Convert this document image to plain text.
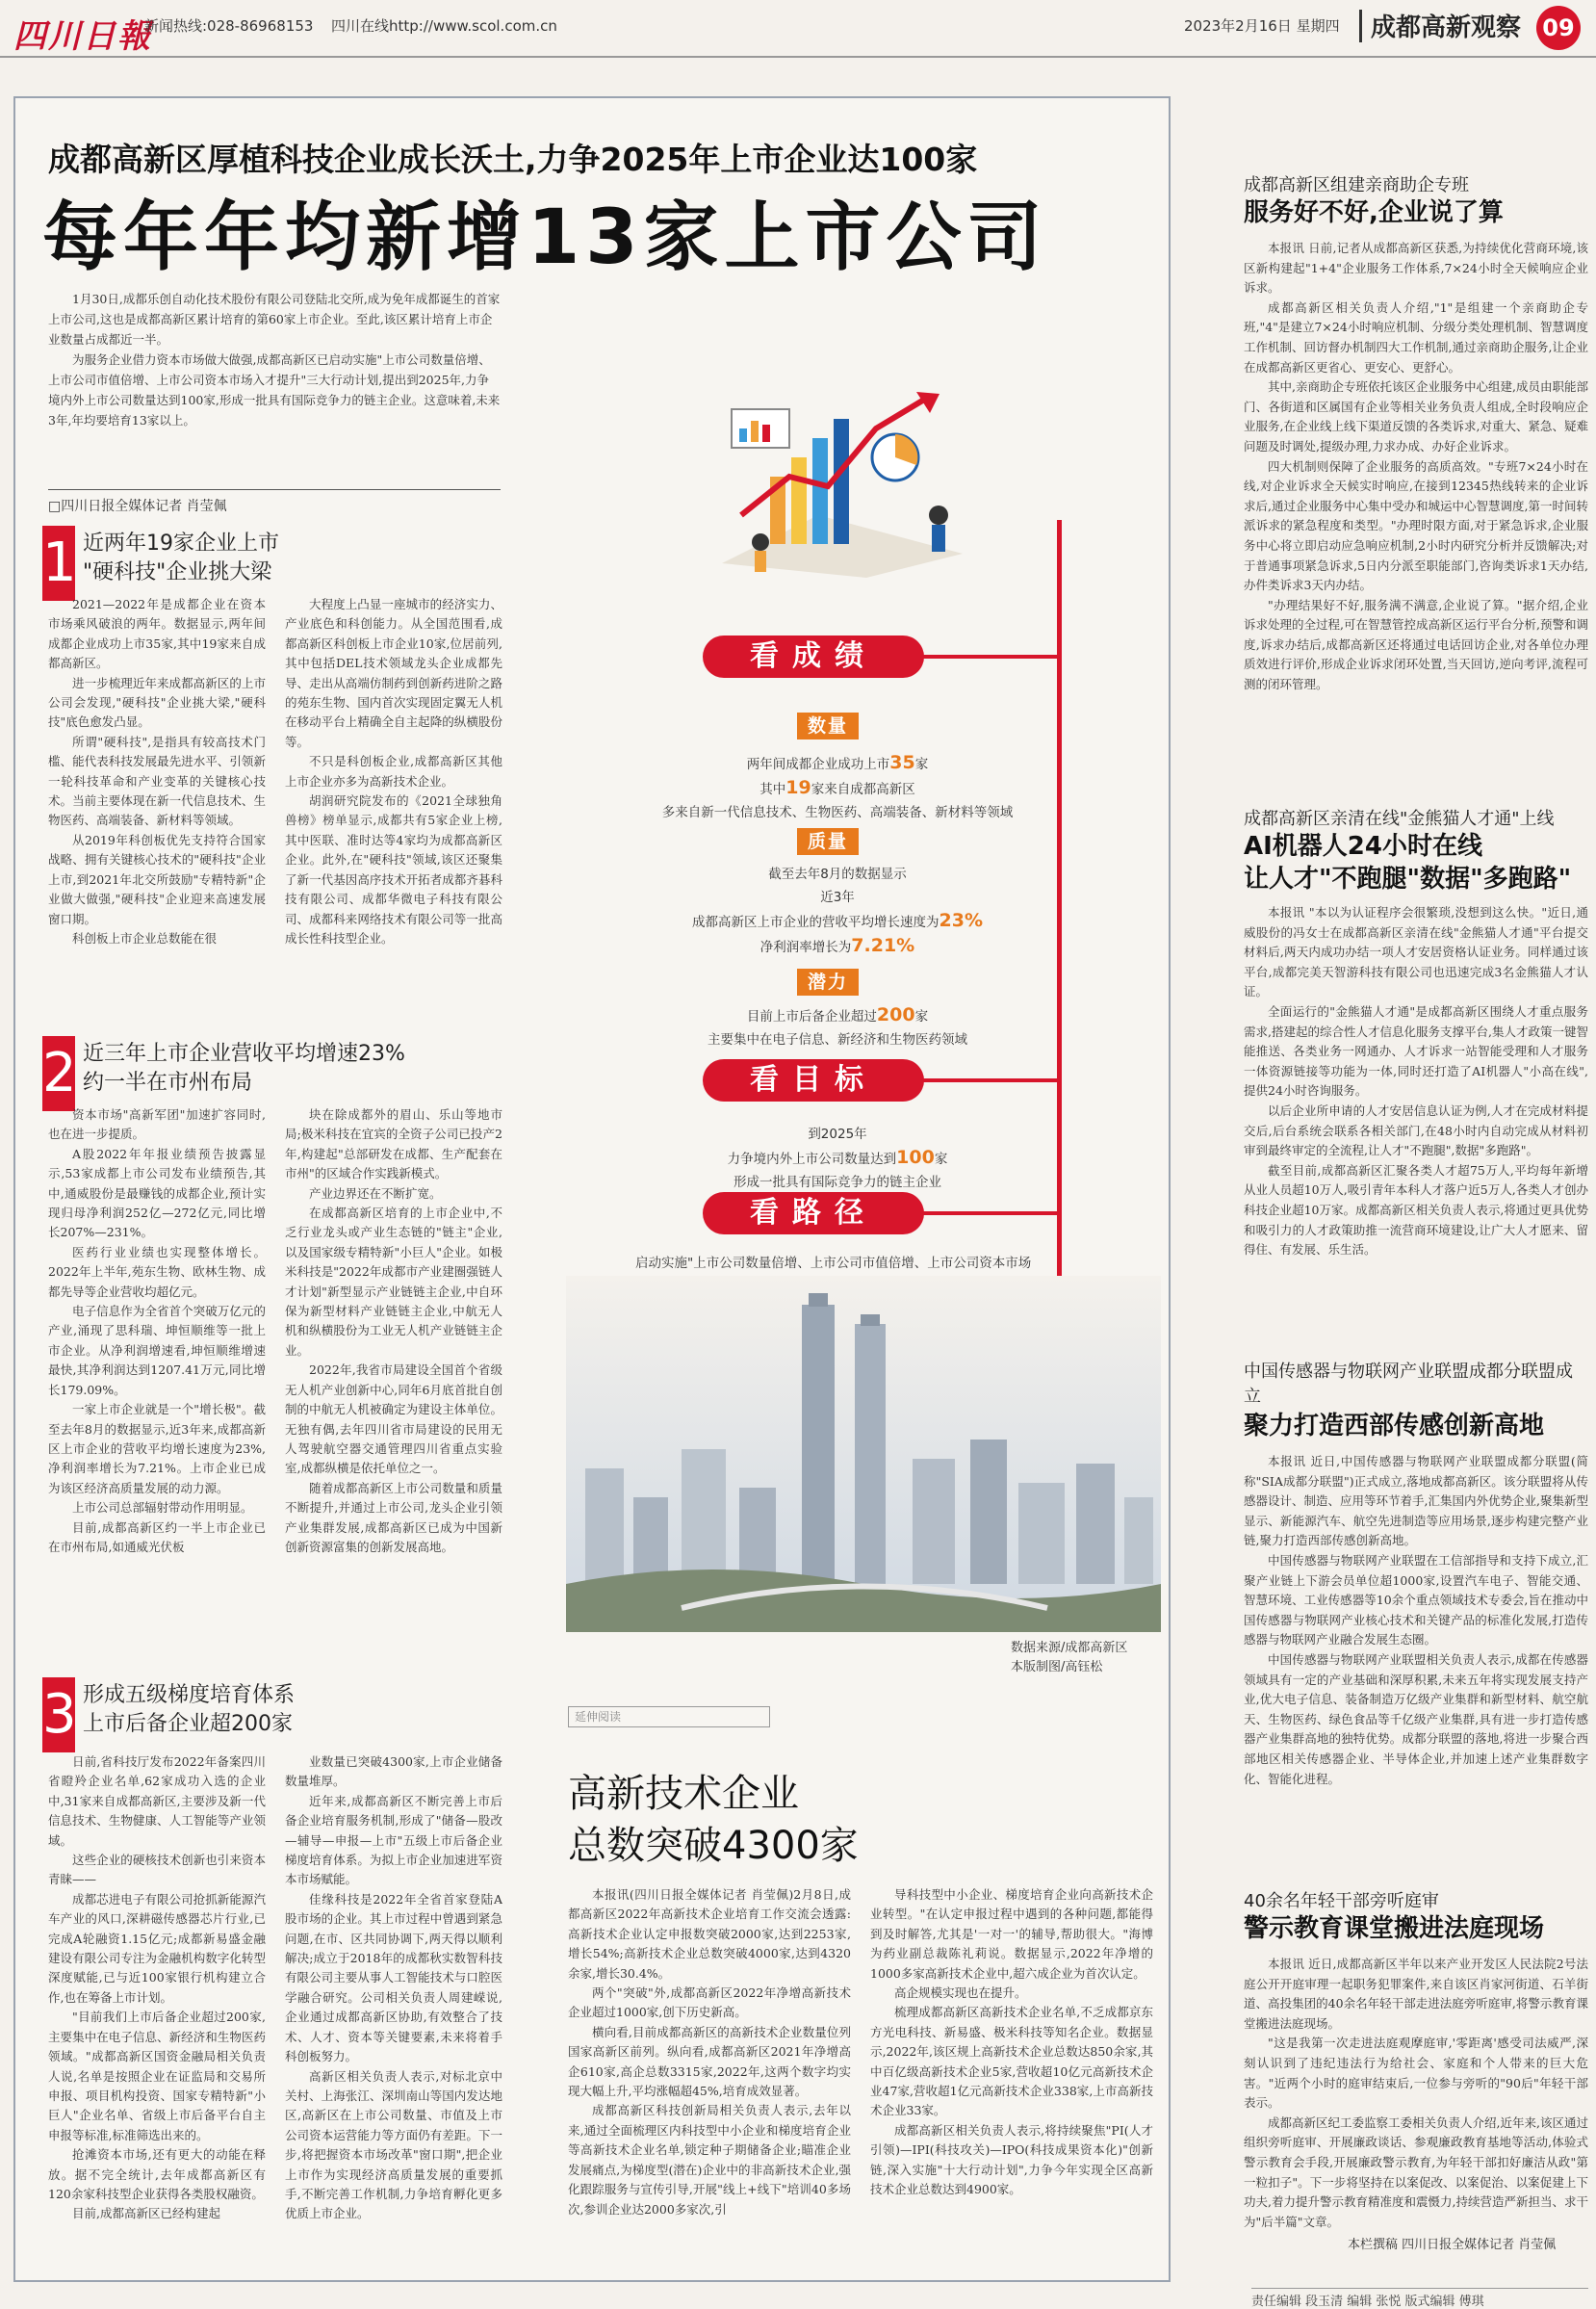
四川日報
新闻热线:028-86968153 四川在线http://www.scol.com.cn	2023年2月16日 星期四 成都高新观察 09
成都高新区厚植科技企业成长沃土,力争2025年上市企业达100家
每年年均新增13家上市公司

1月30日,成都乐创自动化技术股份有限公司登陆北交所,成为免年成都诞生的首家上市公司,这也是成都高新区累计培育的第60家上市企业。至此,该区累计培育上市企业数量占成都近一半。

为服务企业借力资本市场做大做强,成都高新区已启动实施"上市公司数量倍增、上市公司市值倍增、上市公司资本市场入才提升"三大行动计划,提出到2025年,力争境内外上市公司数量达到100家,形成一批具有国际竞争力的链主企业。这意味着,未来3年,年均要培育13家以上。

□四川日报全媒体记者 肖莹佩
1 近两年19家企业上市
"硬科技"企业挑大梁

2021—2022年是成都企业在资本市场乘风破浪的两年。数据显示,两年间成都企业成功上市35家,其中19家来自成都高新区。

进一步梳理近年来成都高新区的上市公司会发现,"硬科技"企业挑大梁,"硬科技"底色愈发凸显。

所谓"硬科技",是指具有较高技术门槛、能代表科技发展最先进水平、引领新一轮科技革命和产业变革的关键核心技术。当前主要体现在新一代信息技术、生物医药、高端装备、新材料等领域。

从2019年科创板优先支持符合国家战略、拥有关键核心技术的"硬科技"企业上市,到2021年北交所鼓励"专精特新"企业做大做强,"硬科技"企业迎来高速发展窗口期。

科创板上市企业总数能在很

大程度上凸显一座城市的经济实力、产业底色和科创能力。从全国范围看,成都高新区科创板上市企业10家,位居前列,其中包括DEL技术领域龙头企业成都先导、走出从高端仿制药到创新药进阶之路的苑东生物、国内首次实现固定翼无人机在移动平台上精确全自主起降的纵横股份等。

不只是科创板企业,成都高新区其他上市企业亦多为高新技术企业。

胡润研究院发布的《2021全球独角兽榜》榜单显示,成都共有5家企业上榜,其中医联、准时达等4家均为成都高新区企业。此外,在"硬科技"领域,该区还聚集了新一代基因高序技术开拓者成都齐碁科技有限公司、成都华微电子科技有限公司、成都科来网络技术有限公司等一批高成长性科技型企业。

2 近三年上市企业营收平均增速23%
约一半在市州布局

资本市场"高新军团"加速扩容同时,也在进一步提质。

A股2022年年报业绩预告披露显示,53家成都上市公司发布业绩预告,其中,通威股份是最赚钱的成都企业,预计实现归母净利润252亿—272亿元,同比增长207%—231%。

医药行业业绩也实现整体增长。2022年上半年,苑东生物、欧林生物、成都先导等企业营收均超亿元。

电子信息作为全省首个突破万亿元的产业,涌现了思科瑞、坤恒顺维等一批上市企业。从净利润增速看,坤恒顺维增速最快,其净利润达到1207.41万元,同比增长179.09%。

一家上市企业就是一个"增长极"。截至去年8月的数据显示,近3年来,成都高新区上市企业的营收平均增长速度为23%,净利润率增长为7.21%。上市企业已成为该区经济高质量发展的动力源。

上市公司总部辐射带动作用明显。

目前,成都高新区约一半上市企业已在市州布局,如通威光伏板

块在除成都外的眉山、乐山等地市局;极米科技在宜宾的全资子公司已投产2年,构建起"总部研发在成都、生产配套在市州"的区域合作实践新模式。

产业边界还在不断扩宽。

在成都高新区培育的上市企业中,不乏行业龙头或产业生态链的"链主"企业,以及国家级专精特新"小巨人"企业。如极米科技是"2022年成都市产业建圈强链人才计划"新型显示产业链链主企业,中自环保为新型材料产业链链主企业,中航无人机和纵横股份为工业无人机产业链链主企业。

2022年,我省市局建设全国首个省级无人机产业创新中心,同年6月底首批自创制的中航无人机被确定为建设主体单位。无独有偶,去年四川省市局建设的民用无人驾驶航空器交通管理四川省重点实验室,成都纵横是依托单位之一。

随着成都高新区上市公司数量和质量不断提升,并通过上市公司,龙头企业引领产业集群发展,成都高新区已成为中国新创新资源富集的创新发展高地。

3 形成五级梯度培育体系
上市后备企业超200家

日前,省科技厅发布2022年备案四川省瞪羚企业名单,62家成功入选的企业中,31家来自成都高新区,主要涉及新一代信息技术、生物健康、人工智能等产业领域。

这些企业的硬核技术创新也引来资本青睐——

成都芯进电子有限公司抢抓新能源汽车产业的风口,深耕磁传感器芯片行业,已完成A轮融资1.15亿元;成都新易盛金融建设有限公司专注为金融机构数字化转型深度赋能,已与近100家银行机构建立合作,也在筹备上市计划。

"目前我们上市后备企业超过200家,主要集中在电子信息、新经济和生物医药领域。"成都高新区国资金融局相关负责人说,名单是按照企业在证监局和交易所申报、项目机构投资、国家专精特新"小巨人"企业名单、省级上市后备平台自主申报等标准,标准筛选出来的。

抢滩资本市场,还有更大的动能在释放。据不完全统计,去年成都高新区有120余家科技型企业获得各类股权融资。

目前,成都高新区已经构建起

业数量已突破4300家,上市企业储备数量堆厚。

近年来,成都高新区不断完善上市后备企业培育服务机制,形成了"储备—股改—辅导—申报—上市"五级上市后备企业梯度培育体系。为拟上市企业加速进军资本市场赋能。

佳缘科技是2022年全省首家登陆A股市场的企业。其上市过程中曾遇到紧急问题,在市、区共同协调下,两天得以顺利解决;成立于2018年的成都秋实数智科技有限公司主要从事人工智能技术与口腔医学融合研究。公司相关负责人周建嵘说,企业通过成都高新区协助,有效整合了技术、人才、资本等关键要素,未来将着手科创板努力。

高新区相关负责人表示,对标北京中关村、上海张江、深圳南山等国内发达地区,高新区在上市公司数量、市值及上市公司资本运营能力等方面仍有差距。下一步,将把握资本市场改革"窗口期",把企业上市作为实现经济高质量发展的重要抓手,不断完善工作机制,力争培育孵化更多优质上市企业。

看成绩
数量
两年间成都企业成功上市35家
其中19家来自成都高新区
多来自新一代信息技术、生物医药、高端装备、新材料等领域
质量
截至去年8月的数据显示
近3年
成都高新区上市企业的营收平均增长速度为23%
净利润率增长为7.21%
潜力
目前上市后备企业超过200家
主要集中在电子信息、新经济和生物医药领域
看目标
到2025年
力争境内外上市公司数量达到100家
形成一批具有国际竞争力的链主企业
看路径
启动实施"上市公司数量倍增、上市公司市值倍增、上市公司资本市场
数据来源/成都高新区
本版制图/高钰松
延伸阅读
高新技术企业
总数突破4300家

本报讯(四川日报全媒体记者 肖莹佩)2月8日,成都高新区2022年高新技术企业培育工作交流会透露:高新技术企业认定申报数突破2000家,达到2253家,增长54%;高新技术企业总数突破4000家,达到4320余家,增长30.4%。

两个"突破"外,成都高新区2022年净增高新技术企业超过1000家,创下历史新高。

横向看,目前成都高新区的高新技术企业数量位列国家高新区前列。纵向看,成都高新区2021年净增高企610家,高企总数3315家,2022年,这两个数字均实现大幅上升,平均涨幅超45%,培育成效显著。

成都高新区科技创新局相关负责人表示,去年以来,通过全面梳理区内科技型中小企业和梯度培育企业等高新技术企业名单,锁定种子期储备企业;瞄准企业发展痛点,为梯度型(潜在)企业中的非高新技术企业,强化跟踪服务与宣传引导,开展"线上+线下"培训40多场次,参训企业达2000多家次,引

导科技型中小企业、梯度培育企业向高新技术企业转型。"在认定申报过程中遇到的各种问题,都能得到及时解答,尤其是'一对一'的辅导,帮助很大。"海博为药业副总裁陈礼莉说。数据显示,2022年净增的1000多家高新技术企业中,超六成企业为首次认定。

高企规模实现也在提升。

梳理成都高新区高新技术企业名单,不乏成都京东方光电科技、新易盛、极米科技等知名企业。数据显示,2022年,该区规上高新技术企业总数达850余家,其中百亿级高新技术企业5家,营收超10亿元高新技术企业47家,营收超1亿元高新技术企业338家,上市高新技术企业33家。

成都高新区相关负责人表示,将持续聚焦"PI(人才引领)—IPI(科技攻关)—IPO(科技成果资本化)"创新链,深入实施"十大行动计划",力争今年实现全区高新技术企业总数达到4900家。

成都高新区组建亲商助企专班
服务好不好,企业说了算

本报讯 日前,记者从成都高新区获悉,为持续优化营商环境,该区新构建起"1+4"企业服务工作体系,7×24小时全天候响应企业诉求。

成都高新区相关负责人介绍,"1"是组建一个亲商助企专班,"4"是建立7×24小时响应机制、分级分类处理机制、智慧调度工作机制、回访督办机制四大工作机制,通过亲商助企服务,让企业在成都高新区更省心、更安心、更舒心。

其中,亲商助企专班依托该区企业服务中心组建,成员由职能部门、各街道和区属国有企业等相关业务负责人组成,全时段响应企业服务,在企业线上线下渠道反馈的各类诉求,对重大、紧急、疑难问题及时调处,提级办理,力求办成、办好企业诉求。

四大机制则保障了企业服务的高质高效。"专班7×24小时在线,对企业诉求全天候实时响应,在接到12345热线转来的企业诉求后,通过企业服务中心集中受办和城运中心智慧调度,第一时间转派诉求的紧急程度和类型。"办理时限方面,对于紧急诉求,企业服务中心将立即启动应急响应机制,2小时内研究分析并反馈解决;对于普通事项紧急诉求,5日内分派至职能部门,咨询类诉求1天办结,办件类诉求3天内办结。

"办理结果好不好,服务满不满意,企业说了算。"据介绍,企业诉求处理的全过程,可在智慧管控成高新区运行平台分析,预警和调度,诉求办结后,成都高新区还将通过电话回访企业,对各单位办理质效进行评价,形成企业诉求闭环处置,当天回访,逆向考评,流程可测的闭环管理。

成都高新区亲清在线"金熊猫人才通"上线
AI机器人24小时在线
让人才"不跑腿"数据"多跑路"

本报讯 "本以为认证程序会很繁琐,没想到这么快。"近日,通威股份的冯女士在成都高新区亲清在线"金熊猫人才通"平台提交材料后,两天内成功办结一项人才安居资格认证业务。同样通过该平台,成都完美天智游科技有限公司也迅速完成3名金熊猫人才认证。

全面运行的"金熊猫人才通"是成都高新区围绕人才重点服务需求,搭建起的综合性人才信息化服务支撑平台,集人才政策一键智能推送、各类业务一网通办、人才诉求一站智能受理和人才服务一体资源链接等功能为一体,同时还打造了AI机器人"小高在线",提供24小时咨询服务。

以后企业所申请的人才安居信息认证为例,人才在完成材料提交后,后台系统会联系各相关部门,在48小时内自动完成从材料初审到最终审定的全流程,让人才"不跑腿",数据"多跑路"。

截至目前,成都高新区汇聚各类人才超75万人,平均每年新增从业人员超10万人,吸引青年本科人才落户近5万人,各类人才创办科技企业超10万家。成都高新区相关负责人表示,将通过更具优势和吸引力的人才政策助推一流营商环境建设,让广大人才愿来、留得住、有发展、乐生活。

中国传感器与物联网产业联盟成都分联盟成立
聚力打造西部传感创新高地

本报讯 近日,中国传感器与物联网产业联盟成都分联盟(简称"SIA成都分联盟")正式成立,落地成都高新区。该分联盟将从传感器设计、制造、应用等环节着手,汇集国内外优势企业,聚集新型显示、新能源汽车、航空先进制造等应用场景,逐步构建完整产业链,聚力打造西部传感创新高地。

中国传感器与物联网产业联盟在工信部指导和支持下成立,汇聚产业链上下游会员单位超1000家,设置汽车电子、智能交通、智慧环境、工业传感器等10余个重点领域技术专委会,旨在推动中国传感器与物联网产业核心技术和关键产品的标准化发展,打造传感器与物联网产业融合发展生态圈。

中国传感器与物联网产业联盟相关负责人表示,成都在传感器领域具有一定的产业基础和深厚积累,未来五年将实现发展支持产业,优大电子信息、装备制造万亿级产业集群和新型材料、航空航天、生物医药、绿色食品等千亿级产业集群,具有进一步打造传感器产业集群高地的独特优势。成都分联盟的落地,将进一步聚合西部地区相关传感器企业、半导体企业,并加速上述产业集群数字化、智能化进程。

40余名年轻干部旁听庭审
警示教育课堂搬进法庭现场

本报讯 近日,成都高新区半年以来产业开发区人民法院2号法庭公开开庭审理一起职务犯罪案件,来自该区肖家河街道、石羊街道、高投集团的40余名年轻干部走进法庭旁听庭审,将警示教育课堂搬进法庭现场。

"这是我第一次走进法庭观摩庭审,'零距离'感受司法威严,深刻认识到了违纪违法行为给社会、家庭和个人带来的巨大危害。"近两个小时的庭审结束后,一位参与旁听的"90后"年轻干部表示。

成都高新区纪工委监察工委相关负责人介绍,近年来,该区通过组织旁听庭审、开展廉政谈话、参观廉政教育基地等活动,体验式警示教育会手段,开展廉政警示教育,为年轻干部扣好廉洁从政"第一粒扣子"。下一步将坚持在以案促改、以案促治、以案促建上下功夫,着力提升警示教育精准度和震慑力,持续营造严新担当、求干为"后半篇"文章。

本栏撰稿 四川日报全媒体记者 肖莹佩
责任编辑 段玉清 编辑 张悦 版式编辑 傅琪
